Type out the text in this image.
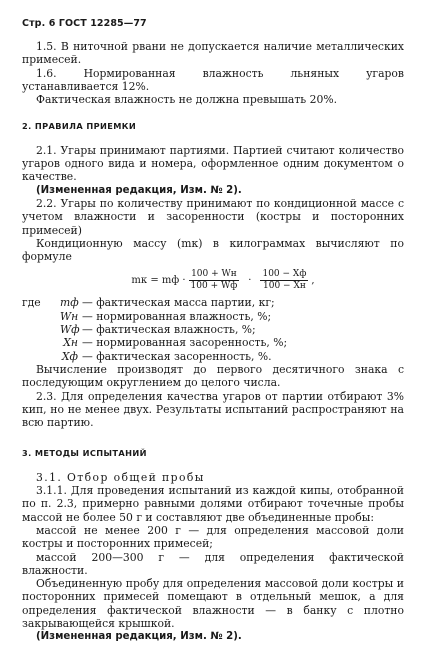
Стр. 6 ГОСТ 12285—77

1.5. В ниточной рвани не допускается наличие металлических примесей.

1.6. Нормированная влажность льняных угаров устанавливается 12%.

Фактическая влажность не должна превышать 20%.

2. ПРАВИЛА ПРИЕМКИ

2.1. Угары принимают партиями. Партией считают количество угаров одного вида и номера, оформленное одним документом о качестве.

(Измененная редакция, Изм. № 2).

2.2. Угары по количеству принимают по кондиционной массе с учетом влажности и засоренности (костры и посторонних примесей)

Кондиционную массу (mк) в килограммах вычисляют по формуле

mк = mф · $\frac{100 + Wн}{100 + Wф} \cdot \frac{100 - Xф}{100 - Xн}$ ,
где	mф — фактическая масса партии, кг;
Wн — нормированная влажность, %;
Wф — фактическая влажность, %;
Xн — нормированная засоренность, %;
Xф — фактическая засоренность, %.

Вычисление производят до первого десятичного знака с последующим округлением до целого числа.

2.3. Для определения качества угаров от партии отбирают 3% кип, но не менее двух. Результаты испытаний распространяют на всю партию.

3. МЕТОДЫ ИСПЫТАНИЙ

3.1. Отбор общей пробы

3.1.1. Для проведения испытаний из каждой кипы, отобранной по п. 2.3, примерно равными долями отбирают точечные пробы массой не более 50 г и составляют две объединенные пробы:

массой не менее 200 г — для определения массовой доли костры и посторонних примесей;

массой 200—300 г — для определения фактической влажности.

Объединенную пробу для определения массовой доли костры и посторонних примесей помещают в отдельный мешок, а для определения фактической влажности — в банку с плотно закрывающейся крышкой.

(Измененная редакция, Изм. № 2).
